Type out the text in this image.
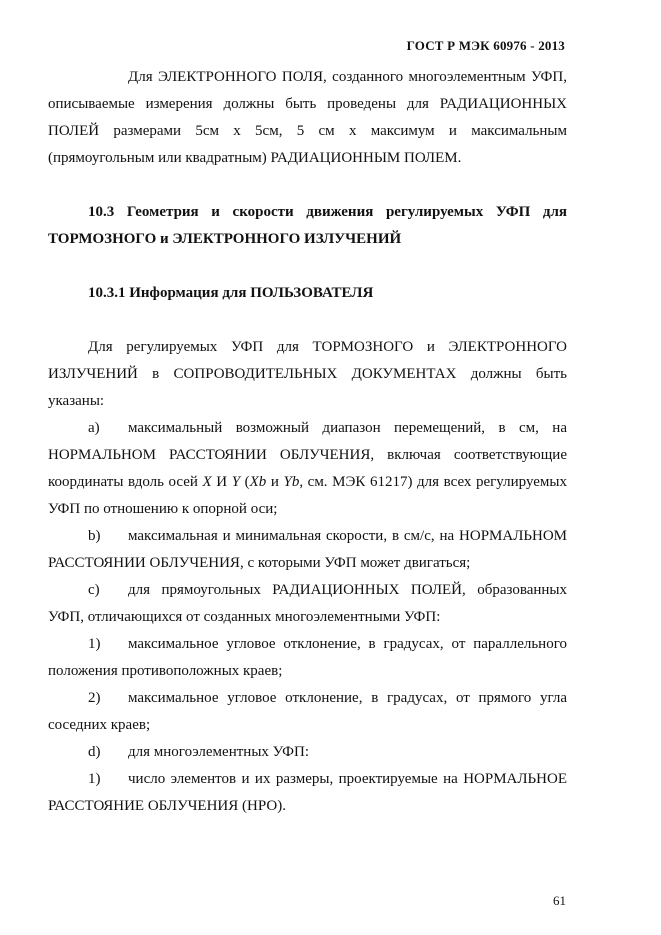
ГОСТ Р МЭК 60976 - 2013

Для ЭЛЕКТРОННОГО ПОЛЯ, созданного многоэлементным УФП, описываемые измерения должны быть проведены для РАДИАЦИОННЫХ ПОЛЕЙ размерами 5см х 5см, 5 см х максимум и максимальным (прямоугольным или квадратным) РАДИАЦИОННЫМ ПОЛЕМ.

10.3 Геометрия и скорости движения регулируемых УФП для ТОРМОЗНОГО и ЭЛЕКТРОННОГО ИЗЛУЧЕНИЙ

10.3.1 Информация для ПОЛЬЗОВАТЕЛЯ

Для регулируемых УФП для ТОРМОЗНОГО и ЭЛЕКТРОННОГО ИЗЛУЧЕНИЙ в СОПРОВОДИТЕЛЬНЫХ ДОКУМЕНТАХ должны быть указаны:

a) максимальный возможный диапазон перемещений, в см, на НОРМАЛЬНОМ РАССТОЯНИИ ОБЛУЧЕНИЯ, включая соответствующие координаты вдоль осей X И Y (Xb и Yb, см. МЭК 61217) для всех регулируемых УФП по отношению к опорной оси;

b) максимальная и минимальная скорости, в см/с, на НОРМАЛЬНОМ РАССТОЯНИИ ОБЛУЧЕНИЯ, с которыми УФП может двигаться;

c) для прямоугольных РАДИАЦИОННЫХ ПОЛЕЙ, образованных УФП, отличающихся от созданных многоэлементными УФП:

1) максимальное угловое отклонение, в градусах, от параллельного положения противоположных краев;

2) максимальное угловое отклонение, в градусах, от прямого угла соседних краев;

d) для многоэлементных УФП:

1) число элементов и их размеры, проектируемые на НОРМАЛЬНОЕ РАССТОЯНИЕ ОБЛУЧЕНИЯ (НРО).

61
